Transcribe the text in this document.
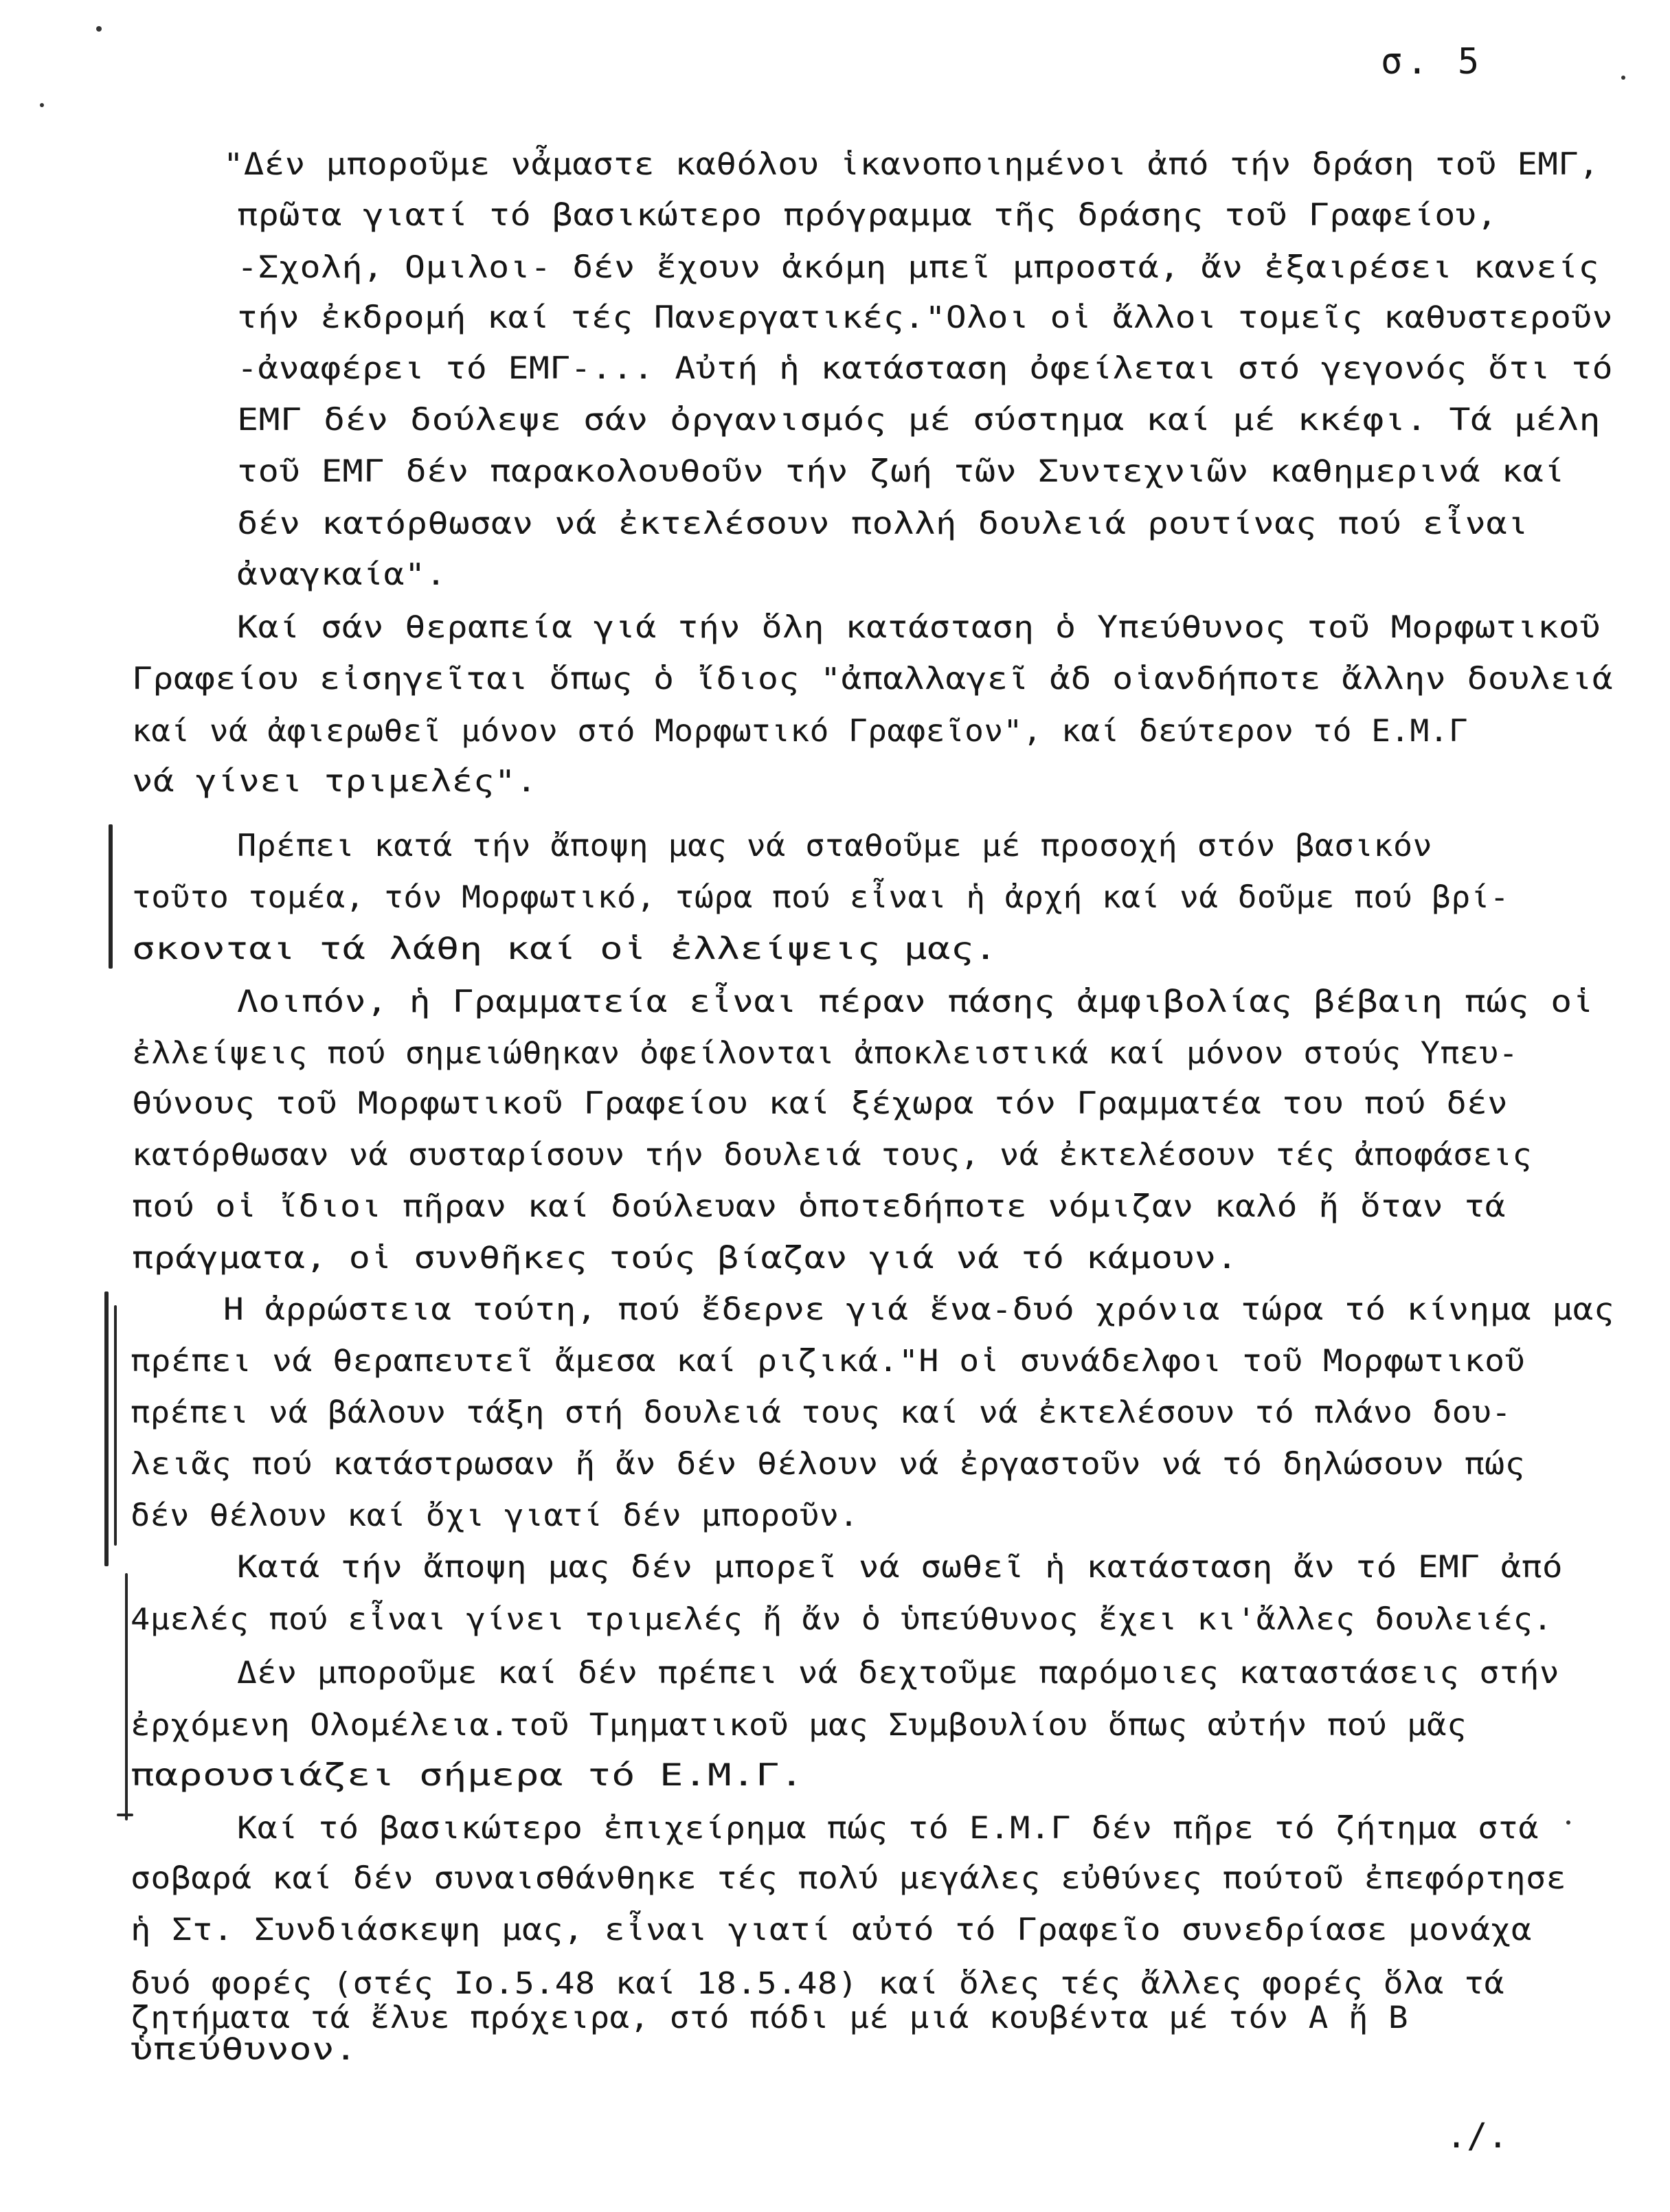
σ. 5
"Δέν μποροῦμε νἆμαστε καθόλου ἱκανοποιημένοι ἀπό τήν δράση τοῦ ΕΜΓ,
πρῶτα γιατί τό βασικώτερο πρόγραμμα τῆς δράσης τοῦ Γραφείου,
-Σχολή, Ομιλοι- δέν ἔχουν ἀκόμη μπεῖ μπροστά, ἄν ἐξαιρέσει κανείς
τήν ἐκδρομή καί τές Πανεργατικές."Ολοι οἱ ἄλλοι τομεῖς καθυστεροῦν
-ἀναφέρει τό ΕΜΓ-... Αὐτή ἡ κατάσταση ὀφείλεται στό γεγονός ὅτι τό
ΕΜΓ δέν δούλεψε σάν ὀργανισμός μέ σύστημα καί μέ κκέφι. Τά μέλη
τοῦ ΕΜΓ δέν παρακολουθοῦν τήν ζωή τῶν Συντεχνιῶν καθημερινά καί
δέν κατόρθωσαν νά ἐκτελέσουν πολλή δουλειά ρουτίνας πού εἶναι
ἀναγκαία".
Καί σάν θεραπεία γιά τήν ὅλη κατάσταση ὁ Υπεύθυνος τοῦ Μορφωτικοῦ
Γραφείου εἰσηγεῖται ὅπως ὁ ἴδιος "ἀπαλλαγεῖ ἀδ οἱανδήποτε ἄλλην δουλειά
καί νά ἀφιερωθεῖ μόνον στό Μορφωτικό Γραφεῖον", καί δεύτερον τό Ε.Μ.Γ
νά γίνει τριμελές".
Πρέπει κατά τήν ἄποψη μας νά σταθοῦμε μέ προσοχή στόν βασικόν
τοῦτο τομέα, τόν Μορφωτικό, τώρα πού εἶναι ἡ ἀρχή καί νά δοῦμε πού βρί-
σκονται τά λάθη καί οἱ ἐλλείψεις μας.
Λοιπόν, ἡ Γραμματεία εἶναι πέραν πάσης ἀμφιβολίας βέβαιη πώς οἱ
ἐλλείψεις πού σημειώθηκαν ὀφείλονται ἀποκλειστικά καί μόνον στούς Υπευ-
θύνους τοῦ Μορφωτικοῦ Γραφείου καί ξέχωρα τόν Γραμματέα του πού δέν
κατόρθωσαν νά συσταρίσουν τήν δουλειά τους, νά ἐκτελέσουν τές ἀποφάσεις
πού οἱ ἴδιοι πῆραν καί δούλευαν ὁποτεδήποτε νόμιζαν καλό ἤ ὅταν τά
πράγματα, οἱ συνθῆκες τούς βίαζαν γιά νά τό κάμουν.
Η ἀρρώστεια τούτη, πού ἔδερνε γιά ἕνα-δυό χρόνια τώρα τό κίνημα μας
πρέπει νά θεραπευτεῖ ἄμεσα καί ριζικά."Η οἱ συνάδελφοι τοῦ Μορφωτικοῦ
πρέπει νά βάλουν τάξη στή δουλειά τους καί νά ἐκτελέσουν τό πλάνο δου-
λειᾶς πού κατάστρωσαν ἤ ἄν δέν θέλουν νά ἐργαστοῦν νά τό δηλώσουν πώς
δέν θέλουν καί ὄχι γιατί δέν μποροῦν.
Κατά τήν ἄποψη μας δέν μπορεῖ νά σωθεῖ ἡ κατάσταση ἄν τό ΕΜΓ ἀπό
4μελές πού εἶναι γίνει τριμελές ἤ ἄν ὁ ὑπεύθυνος ἔχει κι'ἄλλες δουλειές.
Δέν μποροῦμε καί δέν πρέπει νά δεχτοῦμε παρόμοιες καταστάσεις στήν
ἐρχόμενη Ολομέλεια.τοῦ Τμηματικοῦ μας Συμβουλίου ὅπως αὐτήν πού μᾶς
παρουσιάζει σήμερα τό Ε.Μ.Γ.
Καί τό βασικώτερο ἐπιχείρημα πώς τό Ε.Μ.Γ δέν πῆρε τό ζήτημα στά
σοβαρά καί δέν συναισθάνθηκε τές πολύ μεγάλες εὐθύνες πούτοῦ ἐπεφόρτησε
ἡ Στ. Συνδιάσκεψη μας, εἶναι γιατί αὐτό τό Γραφεῖο συνεδρίασε μονάχα
δυό φορές (στές Ιο.5.48 καί 18.5.48) καί ὅλες τές ἄλλες φορές ὅλα τά
ζητήματα τά ἔλυε πρόχειρα, στό πόδι μέ μιά κουβέντα μέ τόν Α ἤ Β
ὑπεύθυνον.
./.
